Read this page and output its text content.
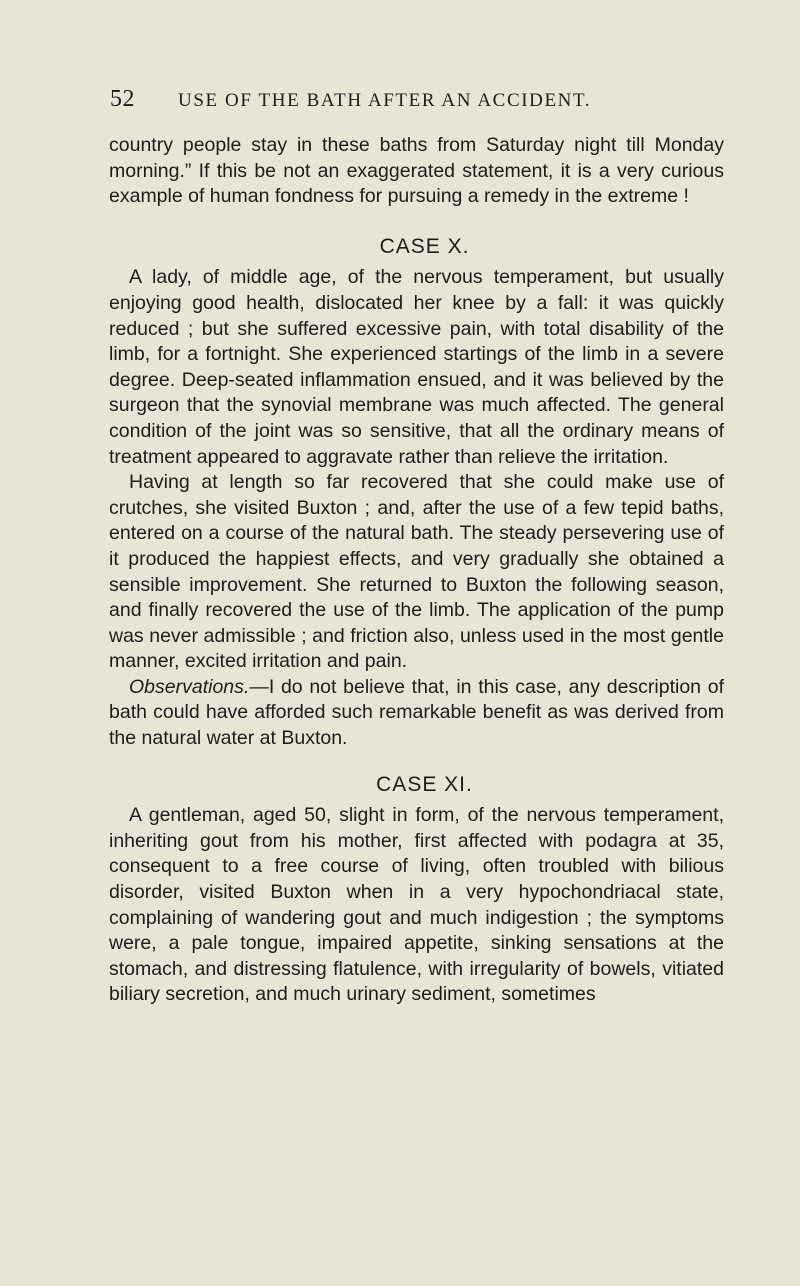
52 USE OF THE BATH AFTER AN ACCIDENT.

country people stay in these baths from Saturday night till Monday morning.” If this be not an exaggerated statement, it is a very curious example of human fondness for pursuing a remedy in the extreme !

CASE X.

A lady, of middle age, of the nervous temperament, but usually enjoying good health, dislocated her knee by a fall: it was quickly reduced ; but she suffered excessive pain, with total disability of the limb, for a fortnight. She experienced startings of the limb in a severe degree. Deep-seated inflammation ensued, and it was believed by the surgeon that the synovial membrane was much affected. The general condition of the joint was so sensitive, that all the ordinary means of treatment appeared to aggravate rather than relieve the irritation.

Having at length so far recovered that she could make use of crutches, she visited Buxton ; and, after the use of a few tepid baths, entered on a course of the natural bath. The steady persevering use of it produced the happiest effects, and very gradually she obtained a sensible improvement. She returned to Buxton the following season, and finally recovered the use of the limb. The application of the pump was never admissible ; and friction also, unless used in the most gentle manner, excited irritation and pain.

Observations.—I do not believe that, in this case, any description of bath could have afforded such remarkable benefit as was derived from the natural water at Buxton.

CASE XI.

A gentleman, aged 50, slight in form, of the nervous temperament, inheriting gout from his mother, first affected with podagra at 35, consequent to a free course of living, often troubled with bilious disorder, visited Buxton when in a very hypochondriacal state, complaining of wandering gout and much indigestion ; the symptoms were, a pale tongue, impaired appetite, sinking sensations at the stomach, and distressing flatulence, with irregularity of bowels, vitiated biliary secretion, and much urinary sediment, sometimes
